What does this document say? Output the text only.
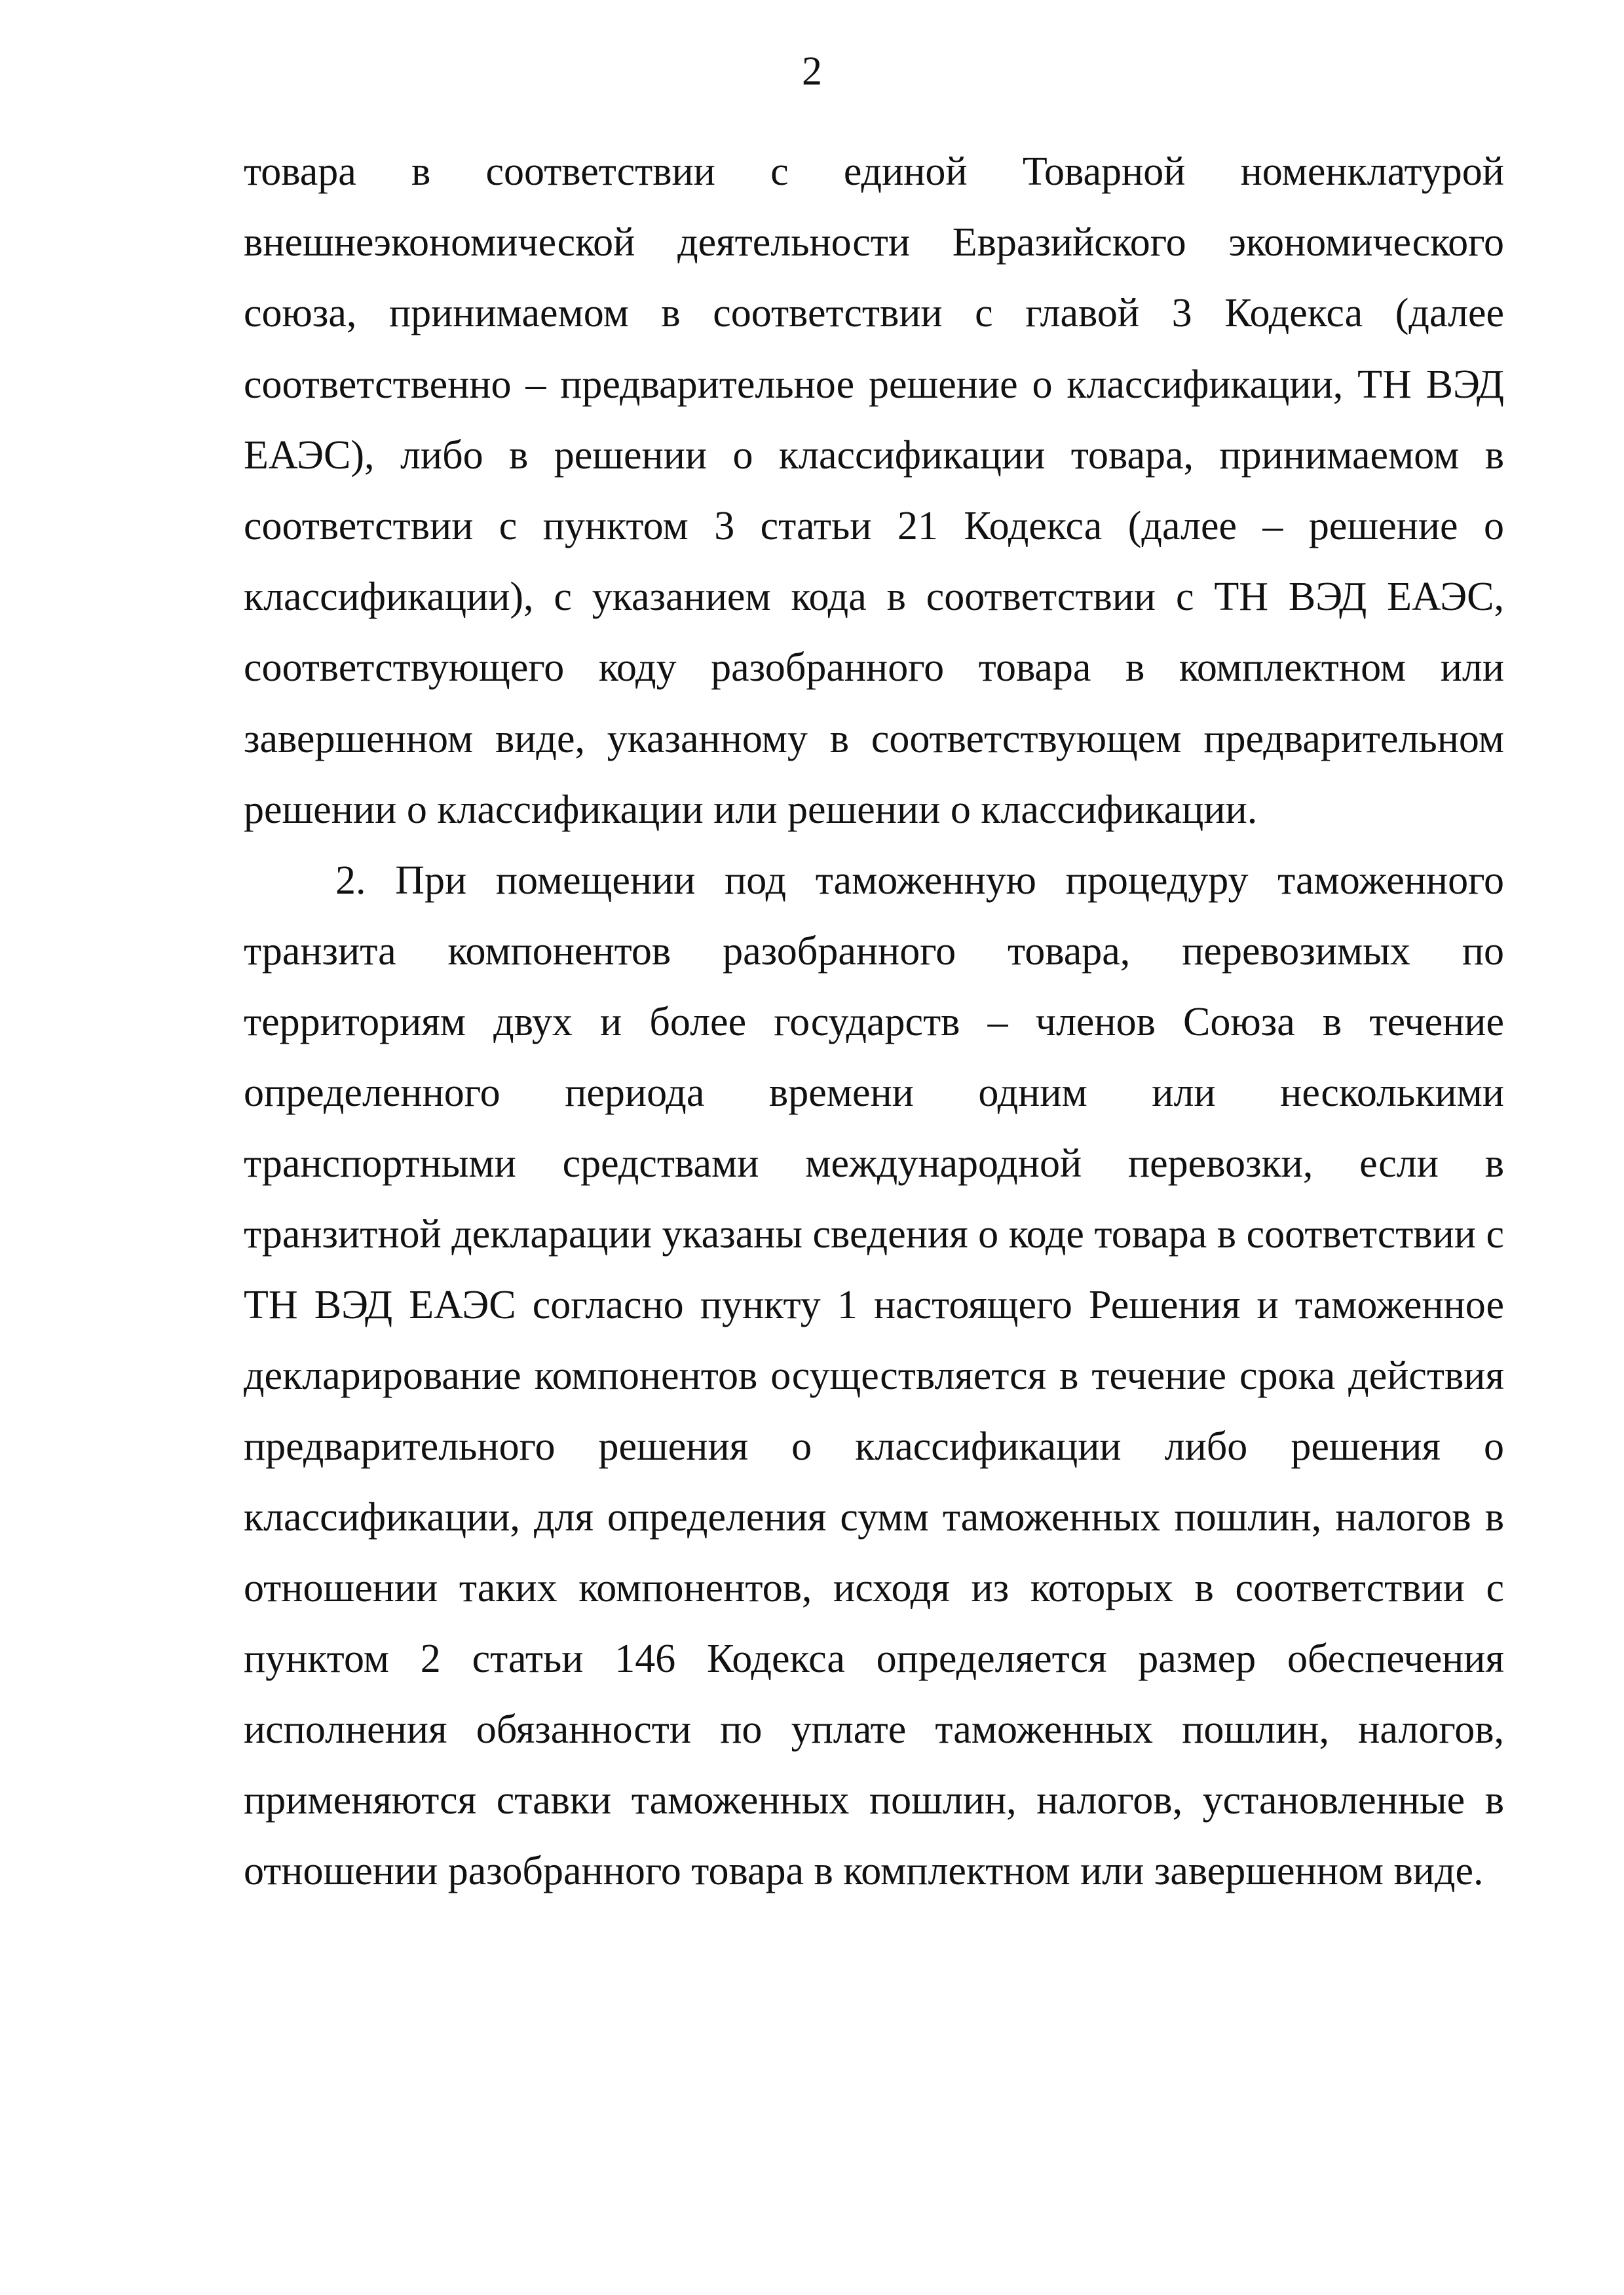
2

товара в соответствии с единой Товарной номенклатурой внешнеэкономической деятельности Евразийского экономического союза, принимаемом в соответствии с главой 3 Кодекса (далее соответственно – предварительное решение о классификации, ТН ВЭД ЕАЭС), либо в решении о классификации товара, принимаемом в соответствии с пунктом 3 статьи 21 Кодекса (далее – решение о классификации), с указанием кода в соответствии с ТН ВЭД ЕАЭС, соответствующего коду разобранного товара в комплектном или завершенном виде, указанному в соответствующем предварительном решении о классификации или решении о классификации.

2. При помещении под таможенную процедуру таможенного транзита компонентов разобранного товара, перевозимых по территориям двух и более государств – членов Союза в течение определенного периода времени одним или несколькими транспортными средствами международной перевозки, если в транзитной декларации указаны сведения о коде товара в соответствии с ТН ВЭД ЕАЭС согласно пункту 1 настоящего Решения и таможенное декларирование компонентов осуществляется в течение срока действия предварительного решения о классификации либо решения о классификации, для определения сумм таможенных пошлин, налогов в отношении таких компонентов, исходя из которых в соответствии с пунктом 2 статьи 146 Кодекса определяется размер обеспечения исполнения обязанности по уплате таможенных пошлин, налогов, применяются ставки таможенных пошлин, налогов, установленные в отношении разобранного товара в комплектном или завершенном виде.
